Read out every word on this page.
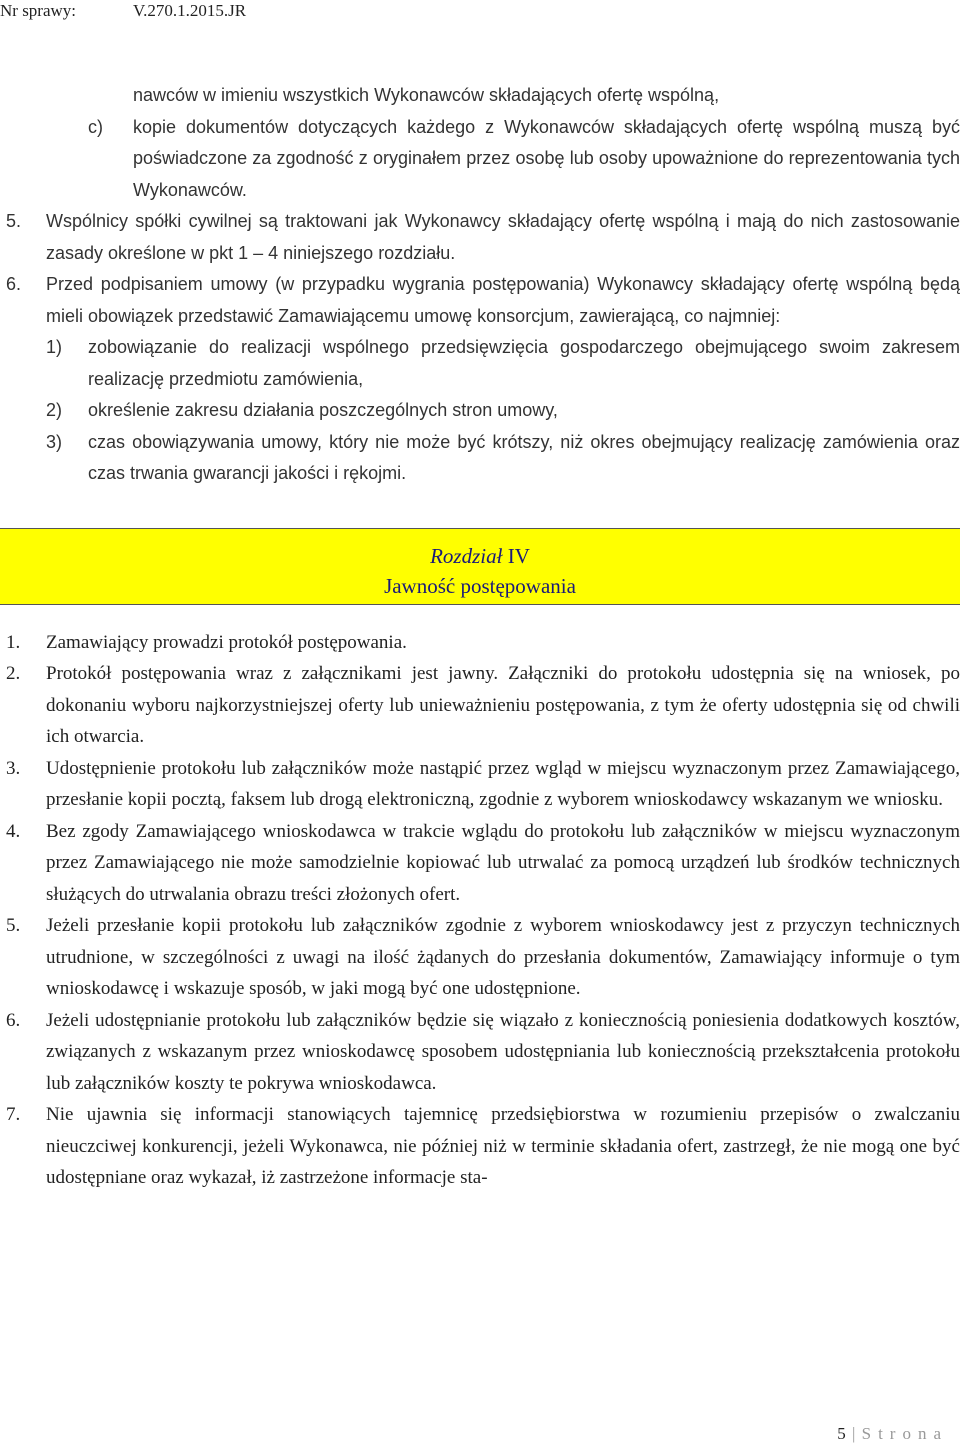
Nr sprawy:	V.270.1.2015.JR

nawców w imieniu wszystkich Wykonawców składających ofertę wspólną,

c) kopie dokumentów dotyczących każdego z Wykonawców składających ofertę wspólną muszą być poświadczone za zgodność z oryginałem przez osobę lub osoby upoważnione do reprezentowania tych Wykonawców.

5. Wspólnicy spółki cywilnej są traktowani jak Wykonawcy składający ofertę wspólną i mają do nich zastosowanie zasady określone w pkt 1 – 4 niniejszego rozdziału.

6. Przed podpisaniem umowy (w przypadku wygrania postępowania) Wykonawcy składający ofertę wspólną będą mieli obowiązek przedstawić Zamawiającemu umowę konsorcjum, zawierającą, co najmniej:

1) zobowiązanie do realizacji wspólnego przedsięwzięcia gospodarczego obejmującego swoim zakresem realizację przedmiotu zamówienia,

2) określenie zakresu działania poszczególnych stron umowy,

3) czas obowiązywania umowy, który nie może być krótszy, niż okres obejmujący realizację zamówienia oraz czas trwania gwarancji jakości i rękojmi.

Rozdział IV
Jawność postępowania

1. Zamawiający prowadzi protokół postępowania.

2. Protokół postępowania wraz z załącznikami jest jawny. Załączniki do protokołu udostępnia się na wniosek, po dokonaniu wyboru najkorzystniejszej oferty lub unieważnieniu postępowania, z tym że oferty udostępnia się od chwili ich otwarcia.

3. Udostępnienie protokołu lub załączników może nastąpić przez wgląd w miejscu wyznaczonym przez Zamawiającego, przesłanie kopii pocztą, faksem lub drogą elektroniczną, zgodnie z wyborem wnioskodawcy wskazanym we wniosku.

4. Bez zgody Zamawiającego wnioskodawca w trakcie wglądu do protokołu lub załączników w miejscu wyznaczonym przez Zamawiającego nie może samodzielnie kopiować lub utrwalać za pomocą urządzeń lub środków technicznych służących do utrwalania obrazu treści złożonych ofert.

5. Jeżeli przesłanie kopii protokołu lub załączników zgodnie z wyborem wnioskodawcy jest z przyczyn technicznych utrudnione, w szczególności z uwagi na ilość żądanych do przesłania dokumentów, Zamawiający informuje o tym wnioskodawcę i wskazuje sposób, w jaki mogą być one udostępnione.

6. Jeżeli udostępnianie protokołu lub załączników będzie się wiązało z koniecznością poniesienia dodatkowych kosztów, związanych z wskazanym przez wnioskodawcę sposobem udostępniania lub koniecznością przekształcenia protokołu lub załączników koszty te pokrywa wnioskodawca.

7. Nie ujawnia się informacji stanowiących tajemnicę przedsiębiorstwa w rozumieniu przepisów o zwalczaniu nieuczciwej konkurencji, jeżeli Wykonawca, nie później niż w terminie składania ofert, zastrzegł, że nie mogą one być udostępniane oraz wykazał, iż zastrzeżone informacje sta-

5 | Strona
